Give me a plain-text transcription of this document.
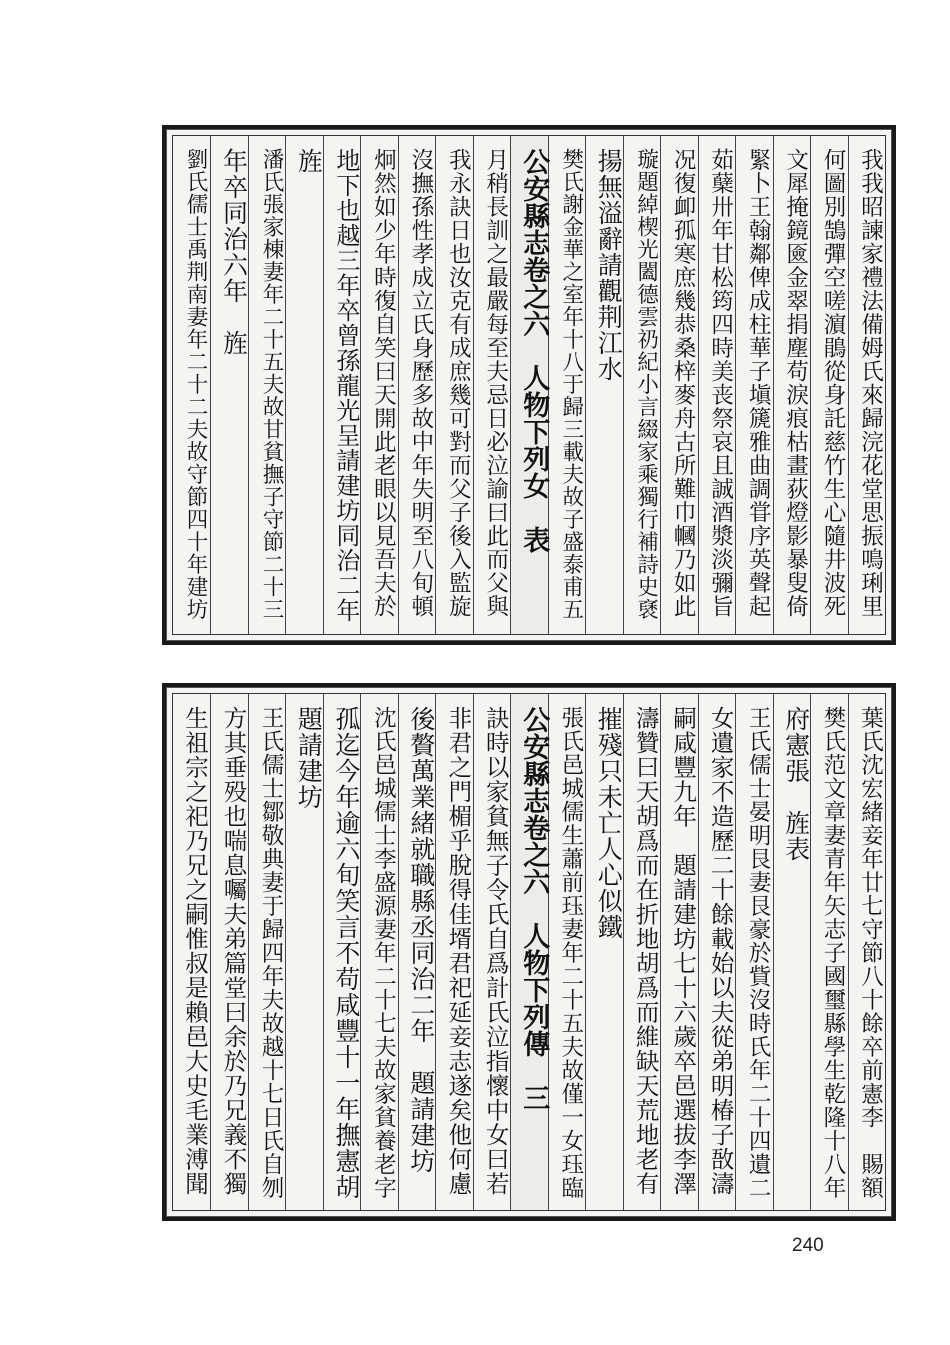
我我昭諫家禮法備姆氏來歸浣花堂思振鳴琍里
何圖別鵠彈空嗟濵鵑從身託慈竹生心隨井波死
文犀掩鏡匳金翠捐塵苟淚痕枯畫荻燈影暴叟倚
緊卜王翰鄰俾成柱華子塡篪雅曲調甞序英聲起
茹蘖卅年甘松筠四時美丧祭哀且誠酒漿淡彌旨
况復卹孤寒庶幾恭桑梓麥舟古所難巾幗乃如此
璇題綽楔光闔德雲礽紀小言綴家乘獨行補詩史褎
揚無溢辭請觀荆江水
樊氏謝金華之室年十八于歸三載夫故子盛泰甫五
公安縣志卷之六　人物下列女　表
月稍長訓之最嚴每至夫忌日必泣諭曰此而父與
我永訣日也汝克有成庶幾可對而父子後入監旋
沒撫孫性孝成立氏身歷多故中年失明至八旬頓
炯然如少年時復自笑曰天開此老眼以見吾夫於
地下也越三年卒曾孫龍光呈請建坊同治二年
旌
潘氏張家棟妻年二十五夫故甘貧撫子守節二十三
年卒同治六年　旌
劉氏儒士禹荆南妻年二十二夫故守節四十年建坊
葉氏沈宏緒妾年廿七守節八十餘卒前憲李　賜額
樊氏范文章妻青年矢志子國璽縣學生乾隆十八年
府憲張　旌表
王氏儒士晏明艮妻艮豪於貲沒時氏年二十四遺二
女遺家不造歷二十餘載始以夫從弟明椿子敔濤
嗣咸豐九年　題請建坊七十六歲卒邑選拔李澤
濤贊曰天胡爲而在折地胡爲而維缺天荒地老有
摧殘只未亡人心似鐵
張氏邑城儒生蕭前珏妻年二十五夫故僅一女珏臨
公安縣志卷之六　人物下列傳　三
訣時以家貧無子令氏自爲計氏泣指懷中女曰若
非君之門楣乎脫得佳壻君祀延妾志遂矣他何慮
後贅萬業緒就職縣丞同治二年　題請建坊
沈氏邑城儒士李盛源妻年二十七夫故家貧養老字
孤迄今年逾六旬笑言不苟咸豐十一年撫憲胡
題請建坊
王氏儒士鄒敬典妻于歸四年夫故越十七日氏自刎
方其垂殁也喘息囑夫弟篇堂曰余於乃兄義不獨
生祖宗之祀乃兄之嗣惟叔是賴邑大史毛業溥聞
240
